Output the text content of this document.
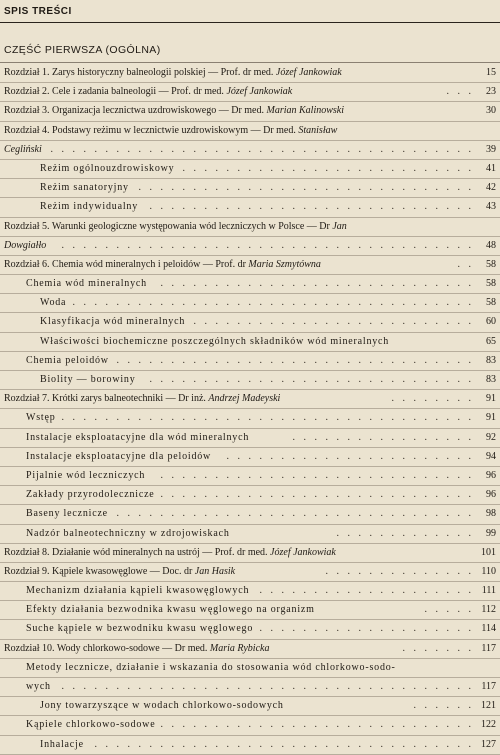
SPIS TREŚCI
CZĘŚĆ PIERWSZA (OGÓLNA)
Rozdział 1. Zarys historyczny balneologii polskiej — Prof. dr med. Józef Jankowiak	15
Rozdział 2. Cele i zadania balneologii — Prof. dr med. Józef Jankowiak	. . . 23
Rozdział 3. Organizacja lecznictwa uzdrowiskowego — Dr med. Marian Kalinowski	30
Rozdział 4. Podstawy reżimu w lecznictwie uzdrowiskowym — Dr med. Stanisław
Cegliński . . . . . . . . . . . . . . . . . . . . . . . . . . . . . . . . . . . . . . . 39
Reżim ogólnouzdrowiskowy . . . . . . . . . . . . . . . . . . . . . . . . . . . 41
Reżim sanatoryjny . . . . . . . . . . . . . . . . . . . . . . . . . . . . . . . 42
Reżim indywidualny . . . . . . . . . . . . . . . . . . . . . . . . . . . . . . 43
Rozdział 5. Warunki geologiczne występowania wód leczniczych w Polsce — Dr Jan
Dowgiałło . . . . . . . . . . . . . . . . . . . . . . . . . . . . . . . . . . . . . . 48
Rozdział 6. Chemia wód mineralnych i peloidów — Prof. dr Maria Szmytówna	. . 58
Chemia wód mineralnych . . . . . . . . . . . . . . . . . . . . . . . . . . . . . 58
Woda . . . . . . . . . . . . . . . . . . . . . . . . . . . . . . . . . . . . . 58
Klasyfikacja wód mineralnych . . . . . . . . . . . . . . . . . . . . . . . . . . 60
Właściwości biochemiczne poszczególnych składników wód mineralnych	65
Chemia peloidów . . . . . . . . . . . . . . . . . . . . . . . . . . . . . . . . . 83
Biolity — borowiny . . . . . . . . . . . . . . . . . . . . . . . . . . . . . . 83
Rozdział 7. Krótki zarys balneotechniki — Dr inż. Andrzej Madeyski	. . . . . . . . 91
Wstęp . . . . . . . . . . . . . . . . . . . . . . . . . . . . . . . . . . . . . . 91
Instalacje eksploatacyjne dla wód mineralnych	. . . . . . . . . . . . . . . . . 92
Instalacje eksploatacyjne dla peloidów . . . . . . . . . . . . . . . . . . . . . . . 94
Pijalnie wód leczniczych . . . . . . . . . . . . . . . . . . . . . . . . . . . . . 96
Zakłady przyrodolecznicze . . . . . . . . . . . . . . . . . . . . . . . . . . . . . 96
Baseny lecznicze . . . . . . . . . . . . . . . . . . . . . . . . . . . . . . . . . 98
Nadzór balneotechniczny w zdrojowiskach	. . . . . . . . . . . . . 99
Rozdział 8. Działanie wód mineralnych na ustrój — Prof. dr med. Józef Jankowiak	101
Rozdział 9. Kąpiele kwasowęglowe — Doc. dr Jan Hasik	. . . . . . . . . . . . . . 110
Mechanizm działania kąpieli kwasowęglowych . . . . . . . . . . . . . . . . . . . . 111
Efekty działania bezwodnika kwasu węglowego na organizm	. . . . . 112
Suche kąpiele w bezwodniku kwasu węglowego . . . . . . . . . . . . . . . . . . . . 114
Rozdział 10. Wody chlorkowo-sodowe — Dr med. Maria Rybicka	. . . . . . . 117
Metody lecznicze, działanie i wskazania do stosowania wód chlorkowo-sodo-
wych . . . . . . . . . . . . . . . . . . . . . . . . . . . . . . . . . . . . . . 117
Jony towarzyszące w wodach chlorkowo-sodowych	. . . . . . 121
Kąpiele chlorkowo-sodowe . . . . . . . . . . . . . . . . . . . . . . . . . . . . . 122
Inhalacje . . . . . . . . . . . . . . . . . . . . . . . . . . . . . . . . . . . 127
